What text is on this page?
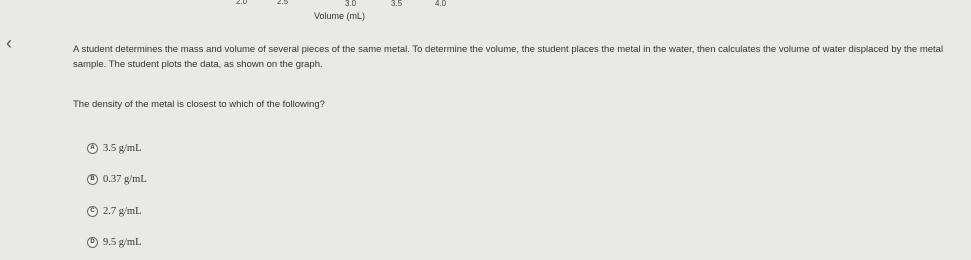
2.0	2.5	3.0	3.5	4.0
Volume (mL)
‹	A student determines the mass and volume of several pieces of the same metal. To determine the volume, the student places the metal in the water, then calculates the volume of water displaced by the metal sample. The student plots the data, as shown on the graph.
The density of the metal is closest to which of the following?
A 3.5 g/mL
B 0.37 g/mL
C 2.7 g/mL
D 9.5 g/mL
